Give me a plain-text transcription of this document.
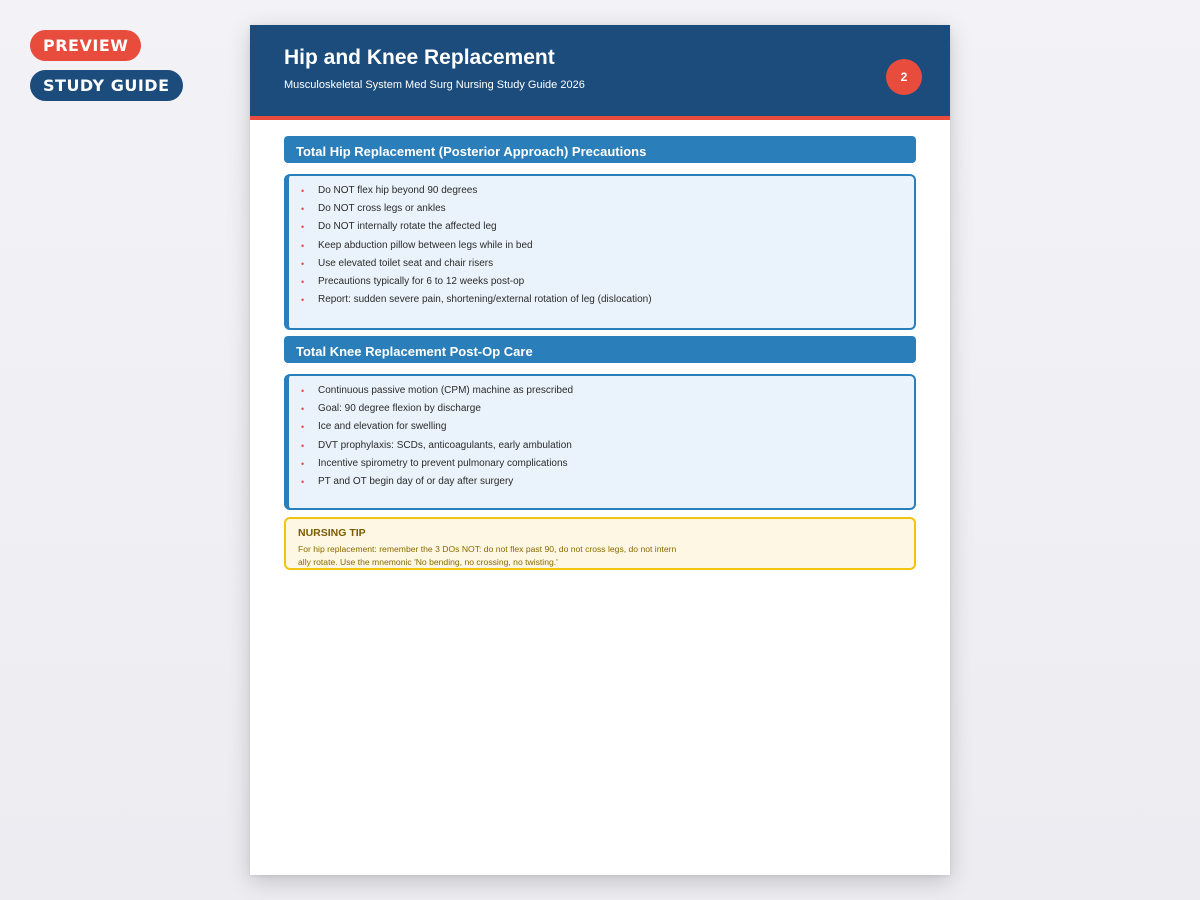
PREVIEW
STUDY GUIDE
Hip and Knee Replacement

Musculoskeletal System Med Surg Nursing Study Guide 2026

2
Total Hip Replacement (Posterior Approach) Precautions
• Do NOT flex hip beyond 90 degrees
• Do NOT cross legs or ankles
• Do NOT internally rotate the affected leg
• Keep abduction pillow between legs while in bed
• Use elevated toilet seat and chair risers
• Precautions typically for 6 to 12 weeks post-op
• Report: sudden severe pain, shortening/external rotation of leg (dislocation)
Total Knee Replacement Post-Op Care
• Continuous passive motion (CPM) machine as prescribed
• Goal: 90 degree flexion by discharge
• Ice and elevation for swelling
• DVT prophylaxis: SCDs, anticoagulants, early ambulation
• Incentive spirometry to prevent pulmonary complications
• PT and OT begin day of or day after surgery

NURSING TIP

For hip replacement: remember the 3 DOs NOT: do not flex past 90, do not cross legs, do not internally rotate. Use the mnemonic 'No bending, no crossing, no twisting.'
